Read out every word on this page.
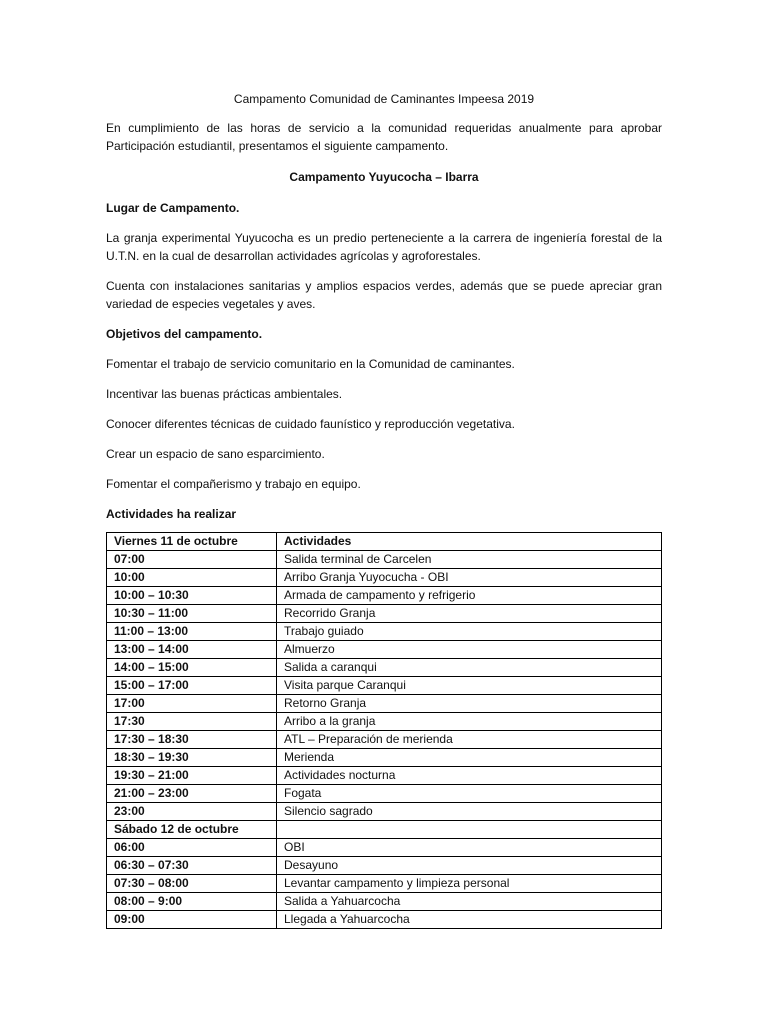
Campamento Comunidad de Caminantes Impeesa 2019

En cumplimiento de las horas de servicio a la comunidad requeridas anualmente para aprobar Participación estudiantil, presentamos el siguiente campamento.

Campamento Yuyucocha – Ibarra

Lugar de Campamento.

La granja experimental Yuyucocha es un predio perteneciente a la carrera de ingeniería forestal de la U.T.N. en la cual de desarrollan actividades agrícolas y agroforestales.

Cuenta con instalaciones sanitarias y amplios espacios verdes, además que se puede apreciar gran variedad de especies vegetales y aves.

Objetivos del campamento.

Fomentar el trabajo de servicio comunitario en la Comunidad de caminantes.

Incentivar las buenas prácticas ambientales.

Conocer diferentes técnicas de cuidado faunístico y reproducción vegetativa.

Crear un espacio de sano esparcimiento.

Fomentar el compañerismo y trabajo en equipo.

Actividades ha realizar

Viernes 11 de octubre	Actividades
07:00	Salida terminal de Carcelen
10:00	Arribo Granja Yuyocucha - OBI
10:00 – 10:30	Armada de campamento y refrigerio
10:30 – 11:00	Recorrido Granja
11:00 – 13:00	Trabajo guiado
13:00 – 14:00	Almuerzo
14:00 – 15:00	Salida a caranqui
15:00 – 17:00	Visita parque Caranqui
17:00	Retorno Granja
17:30	Arribo a la granja
17:30 – 18:30	ATL – Preparación de merienda
18:30 – 19:30	Merienda
19:30 – 21:00	Actividades nocturna
21:00 – 23:00	Fogata
23:00	Silencio sagrado
Sábado 12 de octubre	
06:00	OBI
06:30 – 07:30	Desayuno
07:30 – 08:00	Levantar campamento y limpieza personal
08:00 – 9:00	Salida a Yahuarcocha
09:00	Llegada a Yahuarcocha
